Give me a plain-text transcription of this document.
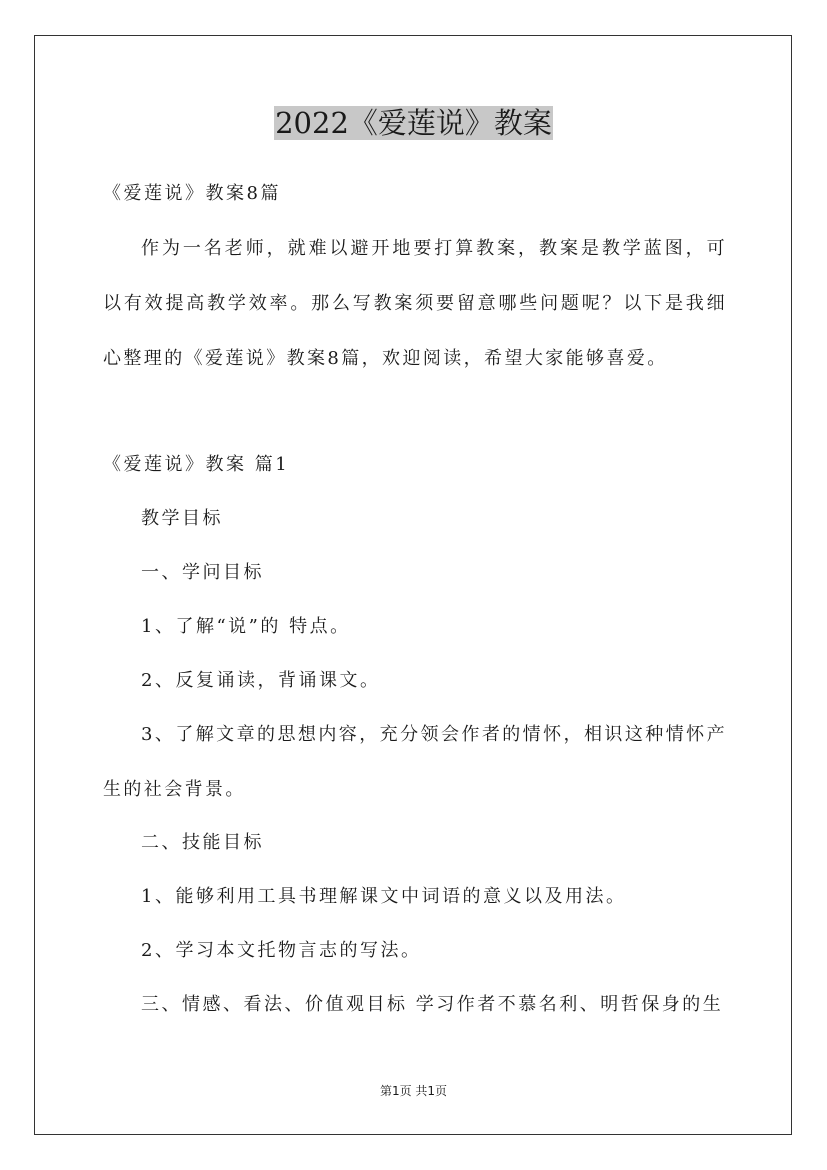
2022《爱莲说》教案
《爱莲说》教案8篇
作为一名老师，就难以避开地要打算教案，教案是教学蓝图，可以有效提高教学效率。那么写教案须要留意哪些问题呢？以下是我细心整理的《爱莲说》教案8篇，欢迎阅读，希望大家能够喜爱。
《爱莲说》教案 篇1
教学目标
一、学问目标
1、了解“说”的 特点。
2、反复诵读，背诵课文。
3、了解文章的思想内容，充分领会作者的情怀，相识这种情怀产生的社会背景。
二、技能目标
1、能够利用工具书理解课文中词语的意义以及用法。
2、学习本文托物言志的写法。
三、情感、看法、价值观目标 学习作者不慕名利、明哲保身的生
第1页 共1页
